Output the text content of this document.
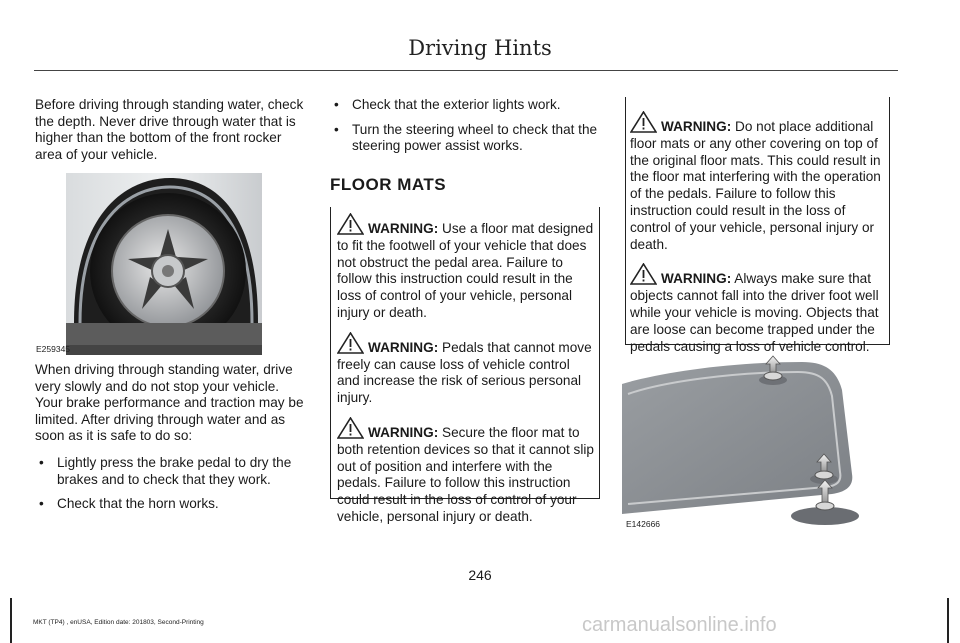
Driving Hints

Before driving through standing water, check the depth. Never drive through water that is higher than the bottom of the front rocker area of your vehicle.

E259345

When driving through standing water, drive very slowly and do not stop your vehicle. Your brake performance and traction may be limited. After driving through water and as soon as it is safe to do so:

• Lightly press the brake pedal to dry the brakes and to check that they work.
• Check that the horn works.
• Check that the exterior lights work.
• Turn the steering wheel to check that the steering power assist works.
FLOOR MATS
WARNING: Use a floor mat designed to fit the footwell of your vehicle that does not obstruct the pedal area. Failure to follow this instruction could result in the loss of control of your vehicle, personal injury or death.
WARNING: Pedals that cannot move freely can cause loss of vehicle control and increase the risk of serious personal injury.
WARNING: Secure the floor mat to both retention devices so that it cannot slip out of position and interfere with the pedals. Failure to follow this instruction could result in the loss of control of your vehicle, personal injury or death.
WARNING: Do not place additional floor mats or any other covering on top of the original floor mats. This could result in the floor mat interfering with the operation of the pedals. Failure to follow this instruction could result in the loss of control of your vehicle, personal injury or death.
WARNING: Always make sure that objects cannot fall into the driver foot well while your vehicle is moving. Objects that are loose can become trapped under the pedals causing a loss of vehicle control.
E142666
246
MKT (TP4) , enUSA, Edition date: 201803, Second-Printing	carmanualsonline.info
